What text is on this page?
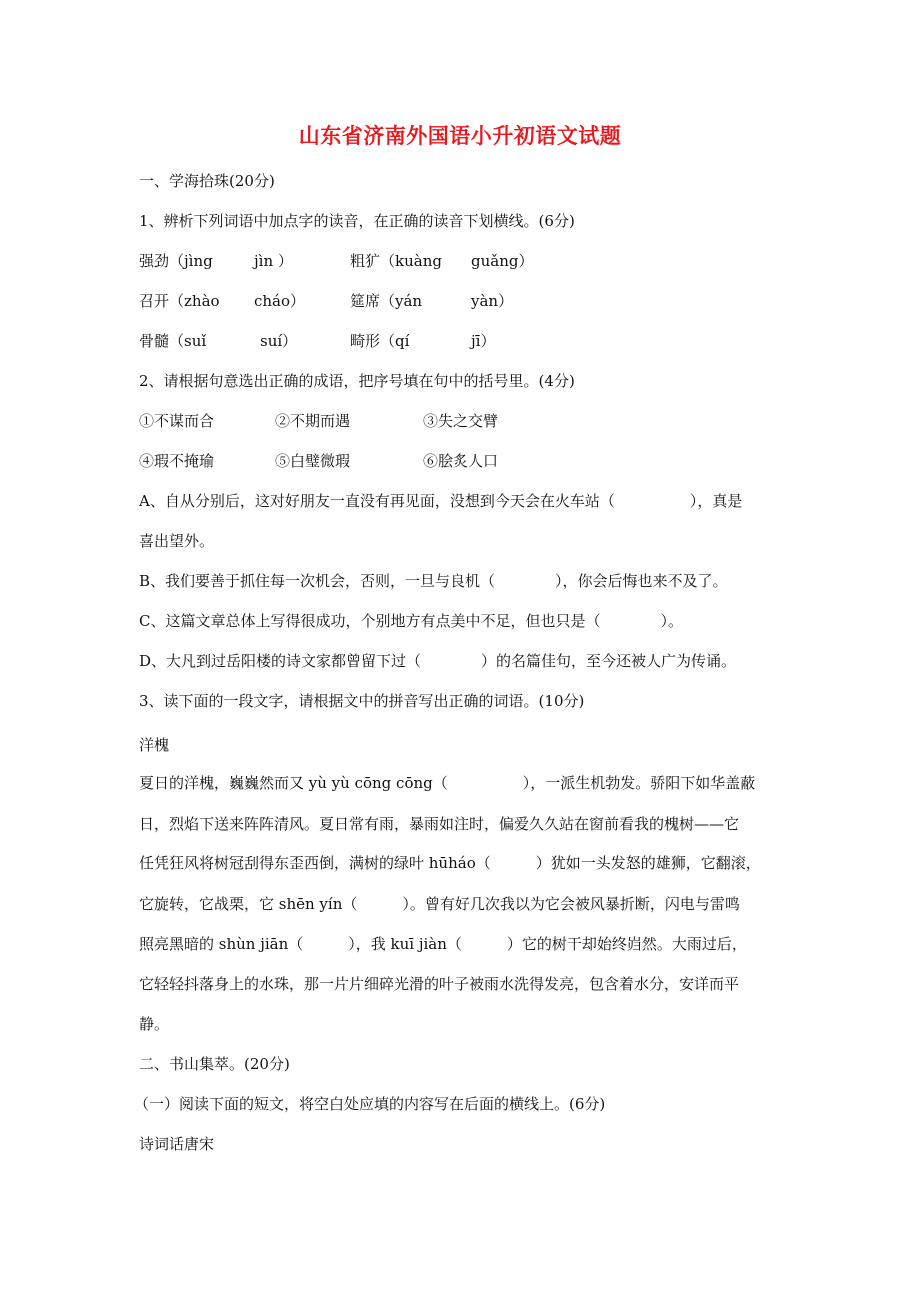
山东省济南外国语小升初语文试题
一、学海拾珠(20分)
1、辨析下列词语中加点字的读音，在正确的读音下划横线。(6分)
强劲（jìng	jìn ）	粗犷（kuàng guǎng）
召开（zhào cháo）	筵席（yán	yàn）
骨髓（suǐ	suí）	畸形（qí	jī）
2、请根据句意选出正确的成语，把序号填在句中的括号里。(4分)
①不谋而合	②不期而遇	③失之交臂
④瑕不掩瑜	⑤白璧微瑕	⑥脍炙人口
A、自从分别后，这对好朋友一直没有再见面，没想到今天会在火车站（　　　　　），真是
喜出望外。
B、我们要善于抓住每一次机会，否则，一旦与良机（　　　　），你会后悔也来不及了。
C、这篇文章总体上写得很成功，个别地方有点美中不足，但也只是（　　　　）。
D、大凡到过岳阳楼的诗文家都曾留下过（　　　　）的名篇佳句，至今还被人广为传诵。
3、读下面的一段文字，请根据文中的拼音写出正确的词语。(10分)
洋槐
夏日的洋槐，巍巍然而又 yù yù cōng cōng（　　　　　），一派生机勃发。骄阳下如华盖蔽
日，烈焰下送来阵阵清风。夏日常有雨，暴雨如注时，偏爱久久站在窗前看我的槐树——它
任凭狂风将树冠刮得东歪西倒，满树的绿叶 hūháo（　　　）犹如一头发怒的雄狮，它翻滚，
它旋转，它战栗，它 shēn yín（　　　）。曾有好几次我以为它会被风暴折断，闪电与雷鸣
照亮黑暗的 shùn jiān（　　　），我 kuī jiàn（　　　）它的树干却始终岿然。大雨过后，
它轻轻抖落身上的水珠，那一片片细碎光滑的叶子被雨水洗得发亮，包含着水分，安详而平
静。
二、书山集萃。(20分)
（一）阅读下面的短文，将空白处应填的内容写在后面的横线上。(6分)
诗词话唐宋
